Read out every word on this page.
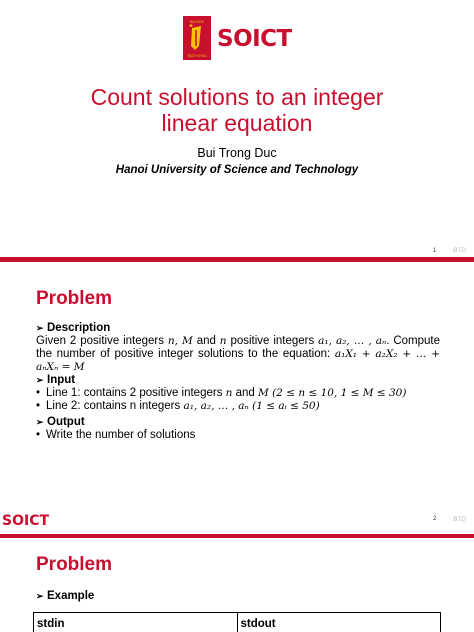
ĐẠI HỌC
BÁCH KHOA
SOICT
Count solutions to an integer
linear equation
Bui Trong Duc
Hanoi University of Science and Technology
1	BTD
Problem
➢ Description
Given 2 positive integers n, M and n positive integers a₁, a₂, … , aₙ. Compute the number of positive integer solutions to the equation: a₁X₁ + a₂X₂ + … + aₙXₙ = M
➢ Input
• Line 1: contains 2 positive integers n and M (2 ≤ n ≤ 10, 1 ≤ M ≤ 30)
• Line 2: contains n integers a₁, a₂, … , aₙ (1 ≤ aᵢ ≤ 50)
➢ Output
• Write the number of solutions
SOICT	2	BTD
Problem
➢ Example
stdin	stdout
